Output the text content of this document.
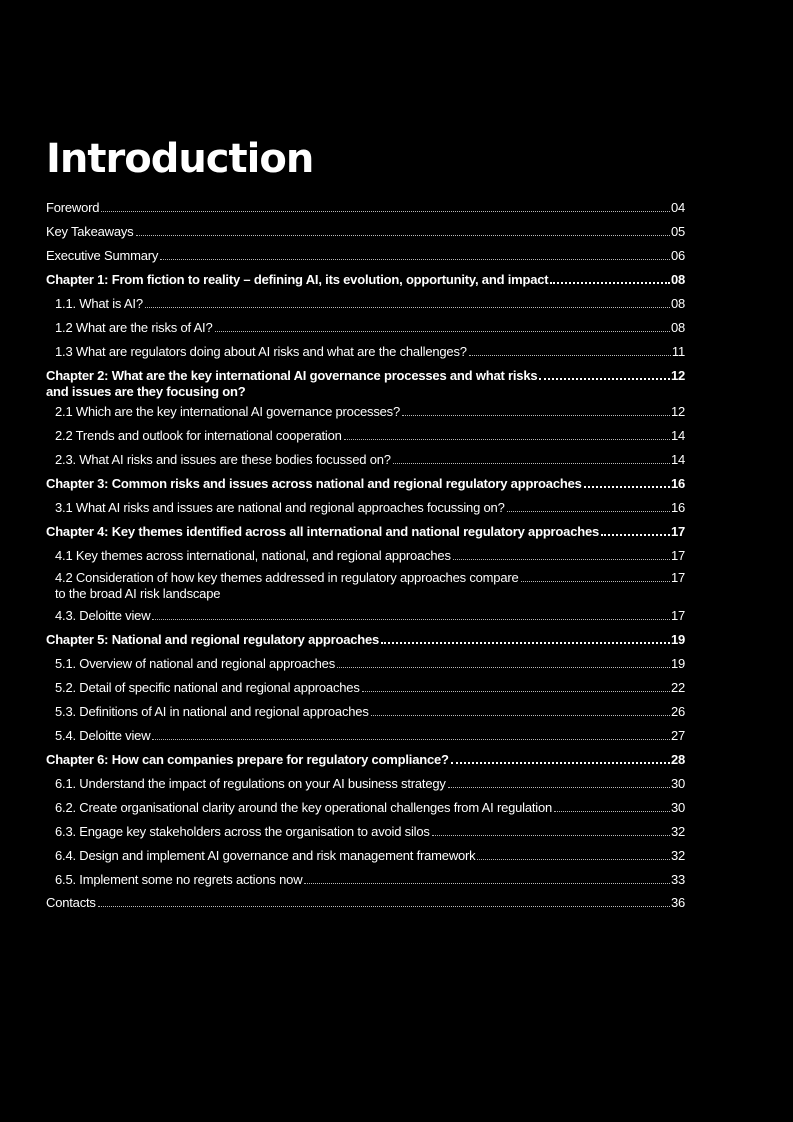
Introduction
Foreword	04
Key Takeaways	05
Executive Summary	06
Chapter 1: From fiction to reality – defining AI, its evolution, opportunity, and impact	08
1.1. What is AI?	08
1.2 What are the risks of AI?	08
1.3 What are regulators doing about AI risks and what are the challenges?	11
Chapter 2: What are the key international AI governance processes and what risks
and issues are they focusing on?
12
2.1 Which are the key international AI governance processes?	12
2.2 Trends and outlook for international cooperation	14
2.3. What AI risks and issues are these bodies focussed on?	14
Chapter 3: Common risks and issues across national and regional regulatory approaches	16
3.1 What AI risks and issues are national and regional approaches focussing on?	16
Chapter 4: Key themes identified across all international and national regulatory approaches	17
4.1 Key themes across international, national, and regional approaches	17
4.2 Consideration of how key themes addressed in regulatory approaches compare
to the broad AI risk landscape
17
4.3. Deloitte view	17
Chapter 5: National and regional regulatory approaches	19
5.1. Overview of national and regional approaches	19
5.2. Detail of specific national and regional approaches	22
5.3. Definitions of AI in national and regional approaches	26
5.4. Deloitte view	27
Chapter 6: How can companies prepare for regulatory compliance?	28
6.1. Understand the impact of regulations on your AI business strategy	30
6.2. Create organisational clarity around the key operational challenges from AI regulation	30
6.3. Engage key stakeholders across the organisation to avoid silos	32
6.4. Design and implement AI governance and risk management framework	32
6.5. Implement some no regrets actions now	33
Contacts	36
